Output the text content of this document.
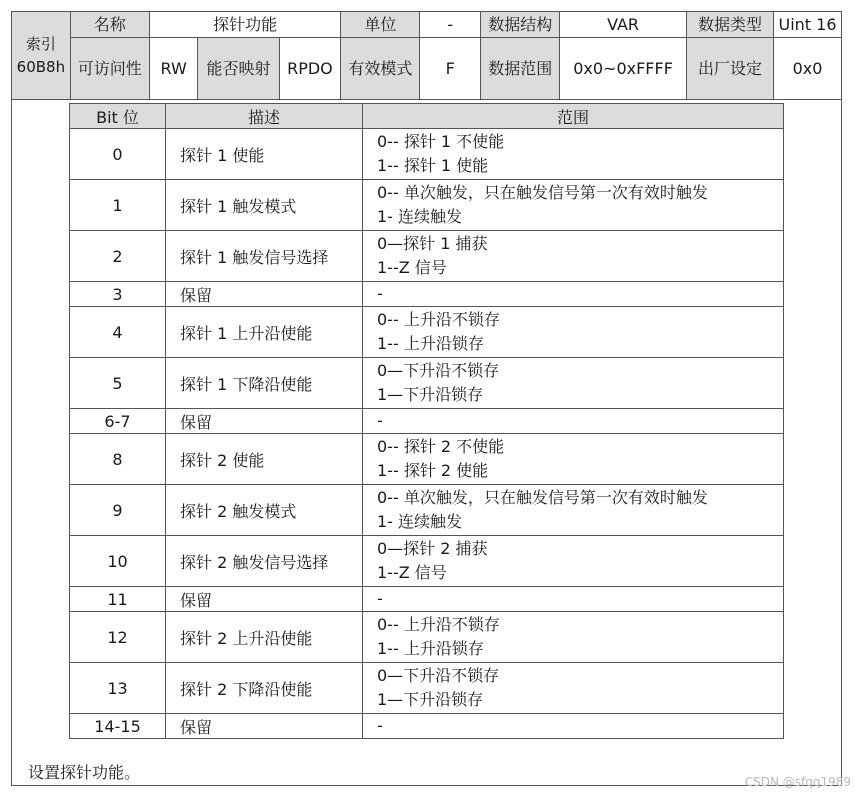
索引
60B8h	名称	探针功能			单位	-	数据结构	VAR	数据类型	Uint 16
	可访问性	RW	能否映射	RPDO	有效模式	F	数据范围	0x0~0xFFFF	出厂设定	0x0
Bit 位	描述	范围
0	探针 1 使能	0-- 探针 1 不使能
1-- 探针 1 使能

1	探针 1 触发模式	0-- 单次触发，只在触发信号第一次有效时触发
1- 连续触发

2	探针 1 触发信号选择	0—探针 1 捕获
1--Z 信号

3	保留	-

4	探针 1 上升沿使能	0-- 上升沿不锁存
1-- 上升沿锁存

5	探针 1 下降沿使能	0—下升沿不锁存
1—下升沿锁存

6-7	保留	-

8	探针 2 使能	0-- 探针 2 不使能
1-- 探针 2 使能

9	探针 2 触发模式	0-- 单次触发，只在触发信号第一次有效时触发
1- 连续触发

10	探针 2 触发信号选择	0—探针 2 捕获
1--Z 信号

11	保留	-

12	探针 2 上升沿使能	0-- 上升沿不锁存
1-- 上升沿锁存

13	探针 2 下降沿使能	0—下升沿不锁存
1—下升沿锁存

14-15	保留	-
设置探针功能。	CSDN @sfqq1989
